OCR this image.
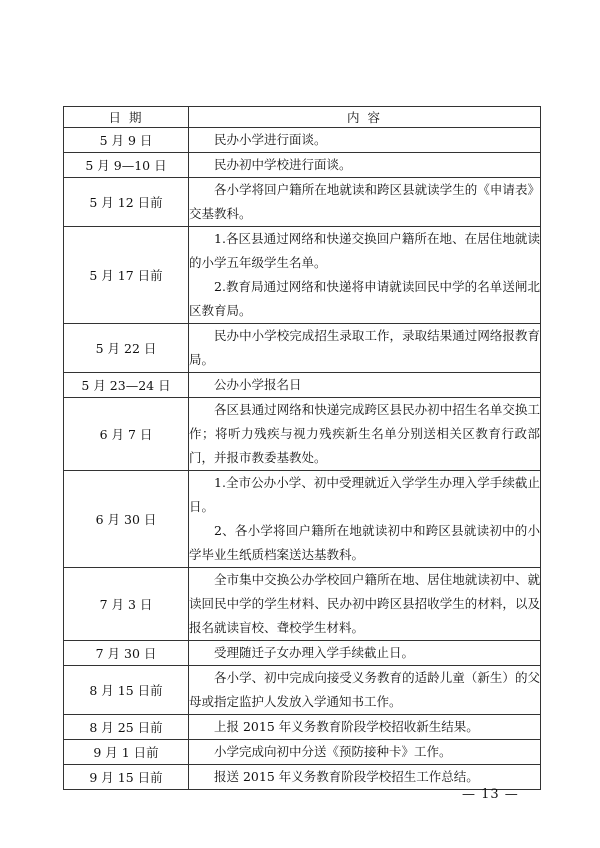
日 期	内 容
5 月 9 日	民办小学进行面谈。

5 月 9—10 日	民办初中学校进行面谈。

5 月 12 日前	各小学将回户籍所在地就读和跨区县就读学生的《申请表》交基教科。

5 月 17 日前	1.各区县通过网络和快递交换回户籍所在地、在居住地就读的小学五年级学生名单。

2.教育局通过网络和快递将申请就读回民中学的名单送闸北区教育局。

5 月 22 日	民办中小学校完成招生录取工作，录取结果通过网络报教育局。

5 月 23—24 日	公办小学报名日

6 月 7 日	各区县通过网络和快递完成跨区县民办初中招生名单交换工作；将听力残疾与视力残疾新生名单分别送相关区教育行政部门，并报市教委基教处。

6 月 30 日	1.全市公办小学、初中受理就近入学学生办理入学手续截止日。

2、各小学将回户籍所在地就读初中和跨区县就读初中的小学毕业生纸质档案送达基教科。

7 月 3 日	全市集中交换公办学校回户籍所在地、居住地就读初中、就读回民中学的学生材料、民办初中跨区县招收学生的材料，以及报名就读盲校、聋校学生材料。

7 月 30 日	受理随迁子女办理入学手续截止日。

8 月 15 日前	各小学、初中完成向接受义务教育的适龄儿童（新生）的父母或指定监护人发放入学通知书工作。

8 月 25 日前	上报 2015 年义务教育阶段学校招收新生结果。

9 月 1 日前	小学完成向初中分送《预防接种卡》工作。

9 月 15 日前	报送 2015 年义务教育阶段学校招生工作总结。

— 13 —
